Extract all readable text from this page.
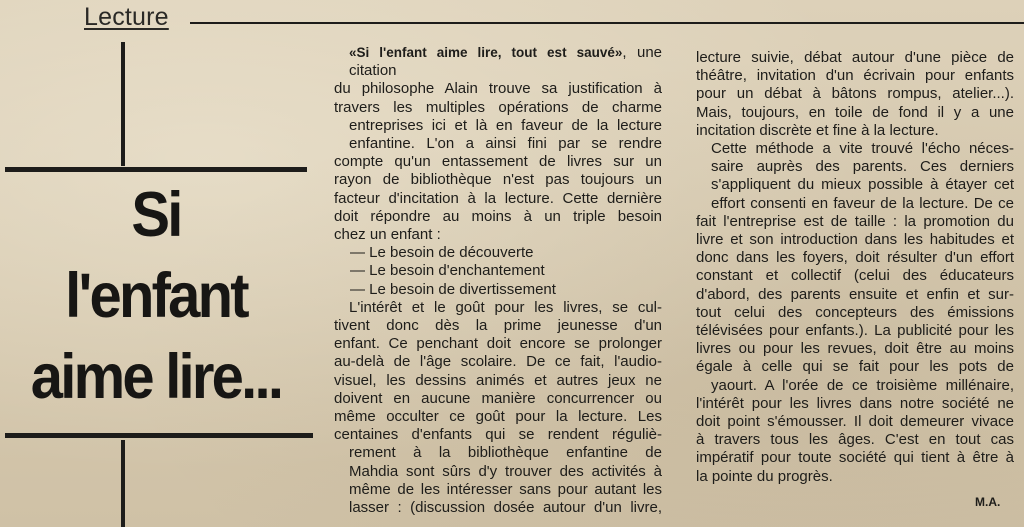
Lecture
Si
l'enfant
aime lire...

«Si l'enfant aime lire, tout est sauvé», une citation

du philosophe Alain trouve sa justification à

travers les multiples opérations de charme

entreprises ici et là en faveur de la lecture

enfantine. L'on a ainsi fini par se rendre

compte qu'un entassement de livres sur un

rayon de bibliothèque n'est pas toujours un

facteur d'incitation à la lecture. Cette dernière

doit répondre au moins à un triple besoin

chez un enfant :

— Le besoin de découverte

— Le besoin d'enchantement

— Le besoin de divertissement

L'intérêt et le goût pour les livres, se cul-

tivent donc dès la prime jeunesse d'un

enfant. Ce penchant doit encore se prolonger

au-delà de l'âge scolaire. De ce fait, l'audio-

visuel, les dessins animés et autres jeux ne

doivent en aucune manière concurrencer ou

même occulter ce goût pour la lecture. Les

centaines d'enfants qui se rendent réguliè-

rement à la bibliothèque enfantine de

Mahdia sont sûrs d'y trouver des activités à

même de les intéresser sans pour autant les

lasser : (discussion dosée autour d'un livre,

lecture suivie, débat autour d'une pièce de

théâtre, invitation d'un écrivain pour enfants

pour un débat à bâtons rompus, atelier...).

Mais, toujours, en toile de fond il y a une

incitation discrète et fine à la lecture.

Cette méthode a vite trouvé l'écho néces-

saire auprès des parents. Ces derniers

s'appliquent du mieux possible à étayer cet

effort consenti en faveur de la lecture. De ce

fait l'entreprise est de taille : la promotion du

livre et son introduction dans les habitudes et

donc dans les foyers, doit résulter d'un effort

constant et collectif (celui des éducateurs

d'abord, des parents ensuite et enfin et sur-

tout celui des concepteurs des émissions

télévisées pour enfants.). La publicité pour les

livres ou pour les revues, doit être au moins

égale à celle qui se fait pour les pots de

yaourt. A l'orée de ce troisième millénaire,

l'intérêt pour les livres dans notre société ne

doit point s'émousser. Il doit demeurer vivace

à travers tous les âges. C'est en tout cas

impératif pour toute société qui tient à être à

la pointe du progrès.

M.A.
